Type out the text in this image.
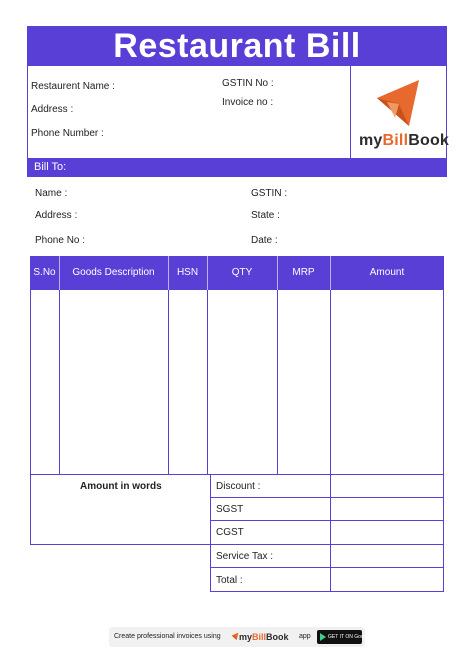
Restaurant Bill
Restaurent Name :
Address :
Phone Number :
GSTIN No :
Invoice no :
myBillBook
Bill To:
Name :
Address :
Phone No :
GSTIN :
State :
Date :
S.No	Goods Description	HSN	QTY	MRP	Amount
Amount in words	Discount :
SGST
CGST
Service Tax :
Total :
Create professional invoices using myBillBook app	GET IT ON Google Play
